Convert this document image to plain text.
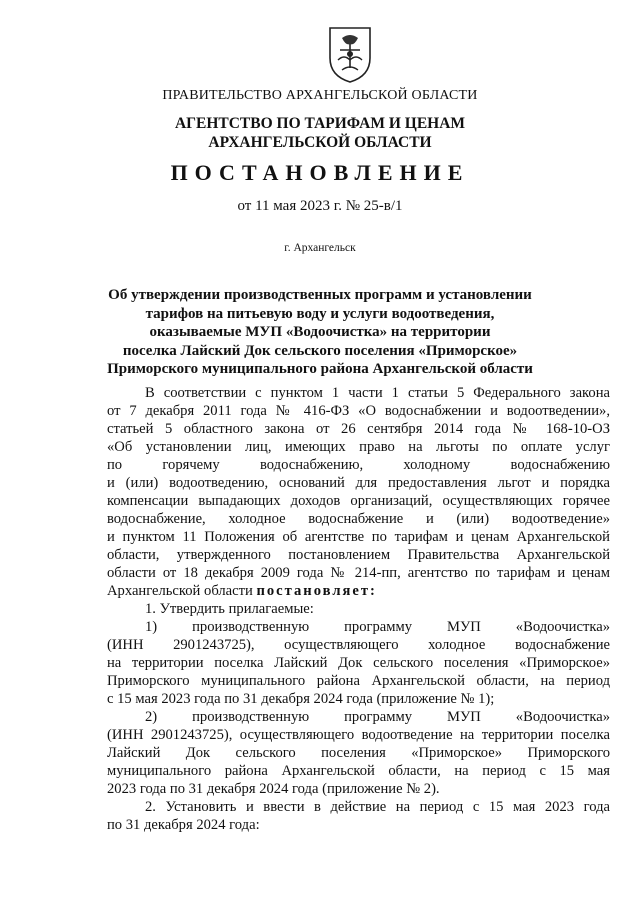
ПРАВИТЕЛЬСТВО АРХАНГЕЛЬСКОЙ ОБЛАСТИ
АГЕНТСТВО ПО ТАРИФАМ И ЦЕНАМ
АРХАНГЕЛЬСКОЙ ОБЛАСТИ
ПОСТАНОВЛЕНИЕ
от 11 мая 2023 г. № 25-в/1
г. Архангельск
Об утверждении производственных программ и установлении
тарифов на питьевую воду и услуги водоотведения,
оказываемые МУП «Водоочистка» на территории
поселка Лайский Док сельского поселения «Приморское»
Приморского муниципального района Архангельской области
В соответствии с пунктом 1 части 1 статьи 5 Федерального закона
от 7 декабря 2011 года № 416-ФЗ «О водоснабжении и водоотведении»,
статьей 5 областного закона от 26 сентября 2014 года № 168-10-ОЗ
«Об установлении лиц, имеющих право на льготы по оплате услуг
по горячему водоснабжению, холодному водоснабжению
и (или) водоотведению, оснований для предоставления льгот и порядка
компенсации выпадающих доходов организаций, осуществляющих горячее
водоснабжение, холодное водоснабжение и (или) водоотведение»
и пунктом 11 Положения об агентстве по тарифам и ценам Архангельской
области, утвержденного постановлением Правительства Архангельской
области от 18 декабря 2009 года № 214-пп, агентство по тарифам и ценам
Архангельской области постановляет:
1. Утвердить прилагаемые:
1) производственную программу МУП «Водоочистка»
(ИНН 2901243725), осуществляющего холодное водоснабжение
на территории поселка Лайский Док сельского поселения «Приморское»
Приморского муниципального района Архангельской области, на период
с 15 мая 2023 года по 31 декабря 2024 года (приложение № 1);
2) производственную программу МУП «Водоочистка»
(ИНН 2901243725), осуществляющего водоотведение на территории поселка
Лайский Док сельского поселения «Приморское» Приморского
муниципального района Архангельской области, на период с 15 мая
2023 года по 31 декабря 2024 года (приложение № 2).
2. Установить и ввести в действие на период с 15 мая 2023 года
по 31 декабря 2024 года:
